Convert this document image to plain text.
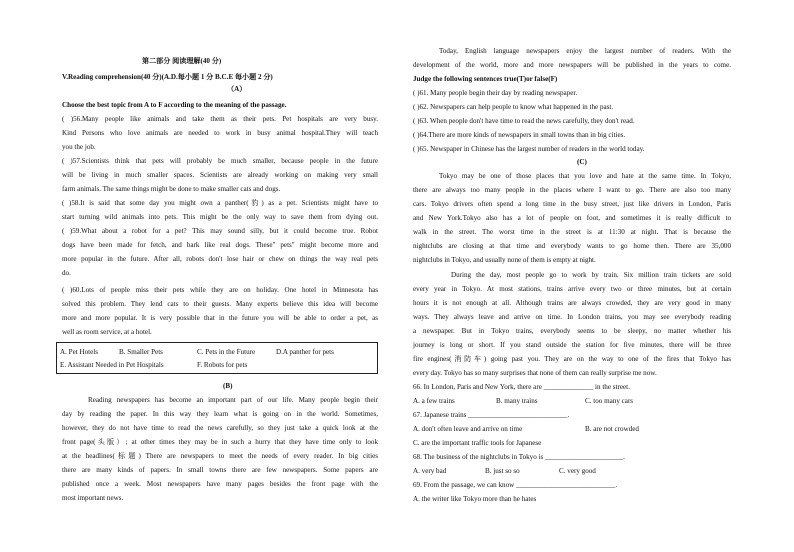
第二部分 阅读理解(40 分)
V.Reading comprehension(40 分)(A.D.每小题 1 分 B.C.E 每小题 2 分)
（A）
Choose the best topic from A to F according to the meaning of the passage.
( )56.Many people like animals and take them as their pets. Pet hospitals are very busy.
Kind Persons who love animals are needed to work in busy animal hospital.They will teach
you the job.
( )57.Scientists think that pets will probably be much smaller, because people in the future
will be living in much smaller spaces. Scientists are already working on making very small
farm animals. The same things might be done to make smaller cats and dogs.
( )58.It is said that some day you might own a panther(豹) as a pet. Scientists might have to
start turning wild animals into pets. This might be the only way to save them from dying out.
( )59.What about a robot for a pet? This may sound silly, but it could become true. Robot
dogs have been made for fetch, and bark like real dogs. These" pets" might become more and
more popular in the future. After all, robots don't lose hair or chew on things the way real pets
do.
( )60.Lots of people miss their pets while they are on holiday. One hotel in Minnesota has
solved this problem. They lend cats to their guests. Many experts believe this idea will become
more and more popular. It is very possible that in the future you will be able to order a pet, as
well as room service, at a hotel.
A. Pet Hotels	B. Smaller Pets	C. Pets in the Future	D.A panther for pets
E. Assistant Needed in Pet Hospitals	F. Robots for pets
(B)
Reading newspapers has become an important part of our life. Many people begin their
day by reading the paper. In this way they learn what is going on in the world. Sometimes,
however, they do not have time to read the news carefully, so they just take a quick look at the
front page(头版）; at other times they may be in such a hurry that they have time only to look
at the headlines(标题) There are newspapers to meet the needs of every reader. In big cities
there are many kinds of papers. In small towns there are few newspapers. Some papers are
published once a week. Most newspapers have many pages besides the front page with the
most important news.
Today, English language newspapers enjoy the largest number of readers. With the
development of the world, more and more newspapers will be published in the years to come.
Judge the following sentences true(T)or false(F)
( )61. Many people begin their day by reading newspaper.
( )62. Newspapers can help people to know what happened in the past.
( )63. When people don't have time to read the news carefully, they don't read.
( )64.There are more kinds of newspapers in small towns than in big cities.
( )65. Newspaper in Chinese has the largest number of readers in the world today.
(C)
Tokyo may be one of those places that you love and hate at the same time. In Tokyo,
there are always too many people in the places where I want to go. There are also too many
cars. Tokyo drivers often spend a long time in the busy street, just like drivers in London, Paris
and New York.Tokyo also has a lot of people on foot, and sometimes it is really difficult to
walk in the street. The worst time in the street is at 11:30 at night. That is because the
nightclubs are closing at that time and everybody wants to go home then. There are 35,000
nightclubs in Tokyo, and usually none of them is empty at night.
During the day, most people go to work by train. Six million train tickets are sold
every year in Tokyo. At most stations, trains arrive every two or three minutes, but at certain
hours it is not enough at all. Although trains are always crowded, they are very good in many
ways. They always leave and arrive on time. In London trains, you may see everybody reading
a newspaper. But in Tokyo trains, everybody seems to be sleepy, no matter whether his
journey is long or short. If you stand outside the station for five minutes, there will be three
fire engines(消防车) going past you. They are on the way to one of the fires that Tokyo has
every day. Tokyo has so many surprises that none of them can really surprise me now.
66. In London, Paris and New York, there are ______________ in the street.
A. a few trains	B. many trains	C. too many cars
67. Japanese trains ____________________________.
A. don't often leave and arrive on time	B. are not crowded
C. are the important traffic tools for Japanese
68. The business of the nightclubs in Tokyo is ______________________.
A. very bad	B. just so so	C. very good
69. From the passage, we can know ____________________________.
A. the writer like Tokyo more than he hates
